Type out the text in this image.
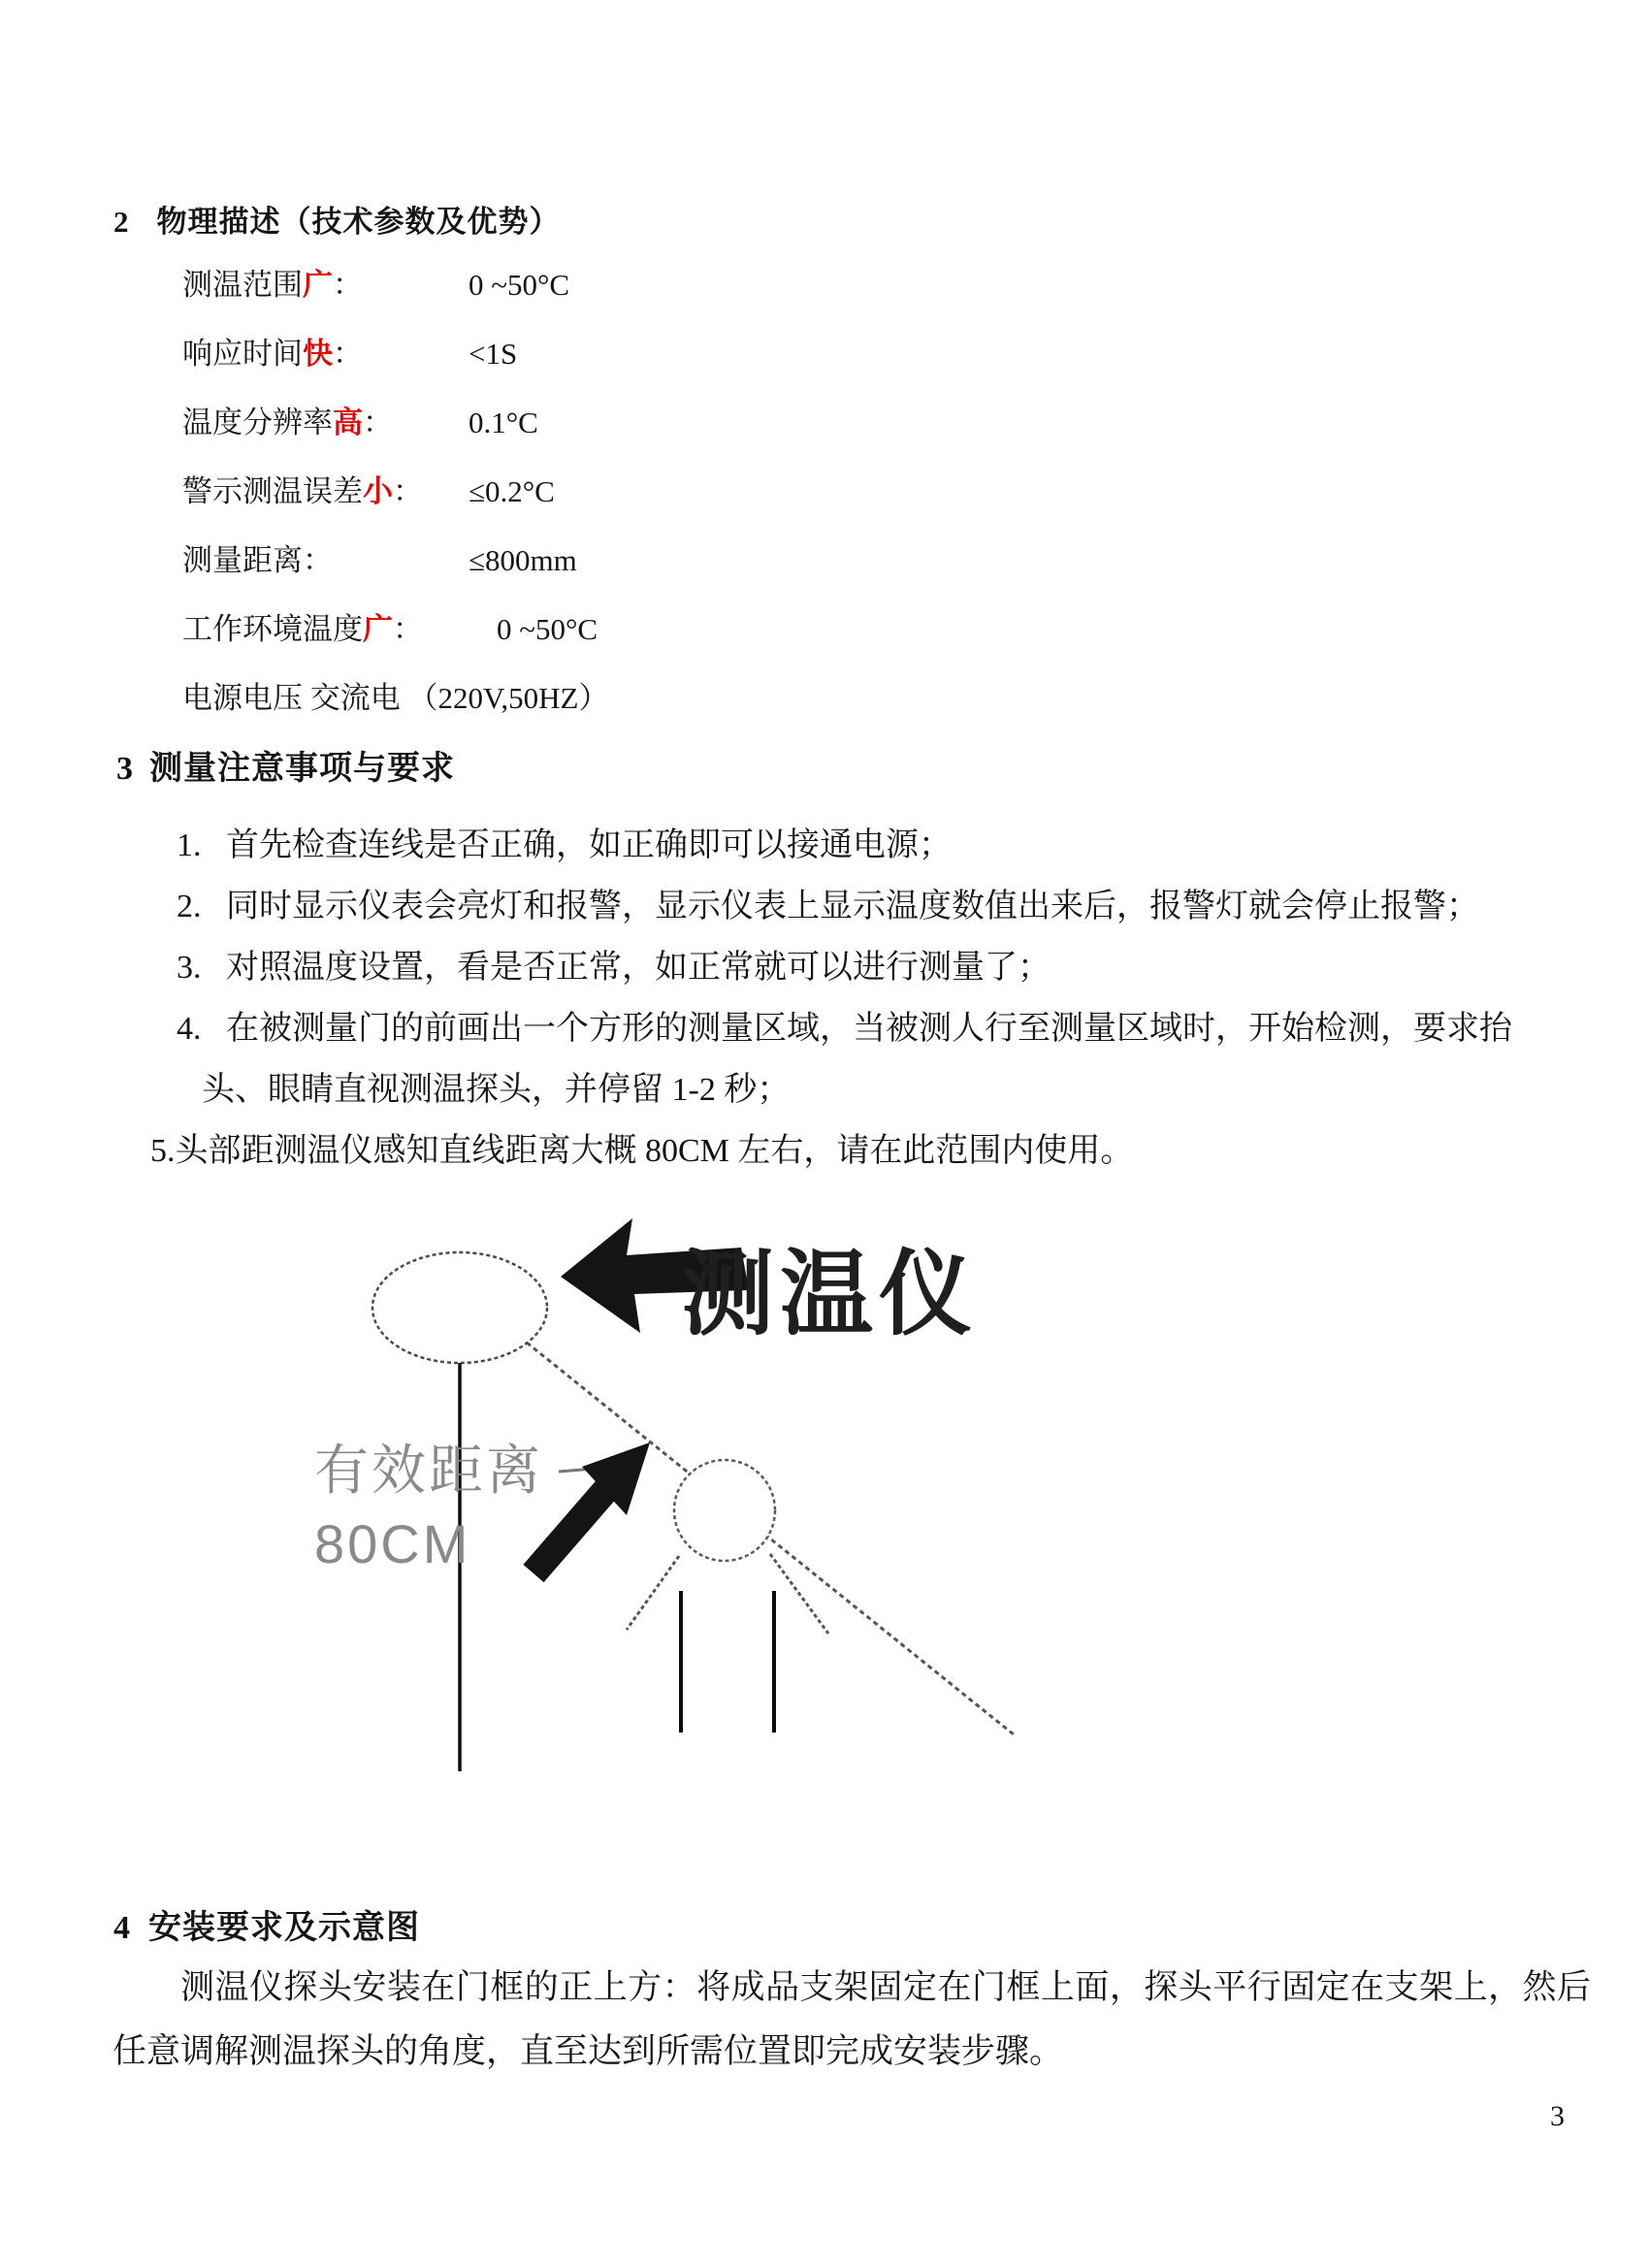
2 物理描述（技术参数及优势）
测温范围广：	0 ~50°C
响应时间快：	<1S
温度分辨率高：	0.1°C
警示测温误差小： ≤0.2°C
测量距离：	≤800mm
工作环境温度广： 0 ~50°C
电源电压 交流电 （220V,50HZ）
3 测量注意事项与要求
1. 首先检查连线是否正确，如正确即可以接通电源；
2. 同时显示仪表会亮灯和报警，显示仪表上显示温度数值出来后，报警灯就会停止报警；
3. 对照温度设置，看是否正常，如正常就可以进行测量了；
4. 在被测量门的前画出一个方形的测量区域，当被测人行至测量区域时，开始检测，要求抬
头、眼睛直视测温探头，并停留 1-2 秒；
5.头部距测温仪感知直线距离大概 80CM 左右，请在此范围内使用。
测温仪
有效距离
80CM
4 安装要求及示意图
测温仪探头安装在门框的正上方：将成品支架固定在门框上面，探头平行固定在支架上，然后任意调解测温探头的角度，直至达到所需位置即完成安装步骤。
3
